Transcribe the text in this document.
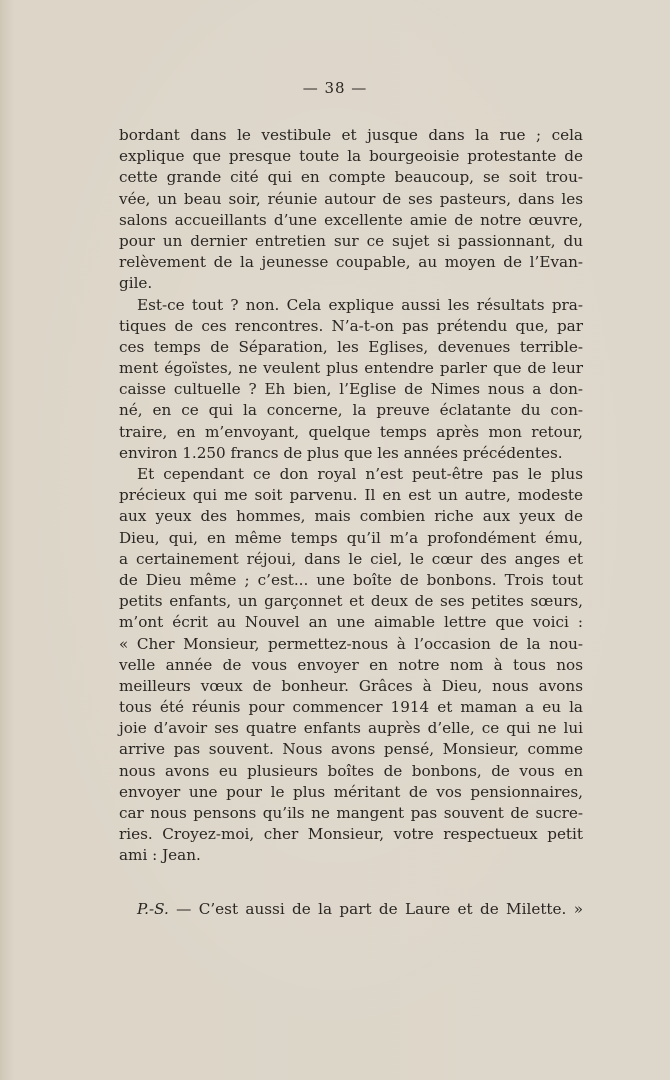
— 38 —
bordant dans le vestibule et jusque dans la rue ; cela
explique que presque toute la bourgeoisie protestante de
cette grande cité qui en compte beaucoup, se soit trou-
vée, un beau soir, réunie autour de ses pasteurs, dans les
salons accueillants d’une excellente amie de notre œuvre,
pour un dernier entretien sur ce sujet si passionnant, du
relèvement de la jeunesse coupable, au moyen de l’Evan-
gile.
Est-ce tout ? non. Cela explique aussi les résultats pra-
tiques de ces rencontres. N’a-t-on pas prétendu que, par
ces temps de Séparation, les Eglises, devenues terrible-
ment égoïstes, ne veulent plus entendre parler que de leur
caisse cultuelle ? Eh bien, l’Eglise de Nimes nous a don-
né, en ce qui la concerne, la preuve éclatante du con-
traire, en m’envoyant, quelque temps après mon retour,
environ 1.250 francs de plus que les années précédentes.
Et cependant ce don royal n’est peut-être pas le plus
précieux qui me soit parvenu. Il en est un autre, modeste
aux yeux des hommes, mais combien riche aux yeux de
Dieu, qui, en même temps qu’il m’a profondément ému,
a certainement réjoui, dans le ciel, le cœur des anges et
de Dieu même ; c’est... une boîte de bonbons. Trois tout
petits enfants, un garçonnet et deux de ses petites sœurs,
m’ont écrit au Nouvel an une aimable lettre que voici :
« Cher Monsieur, permettez-nous à l’occasion de la nou-
velle année de vous envoyer en notre nom à tous nos
meilleurs vœux de bonheur. Grâces à Dieu, nous avons
tous été réunis pour commencer 1914 et maman a eu la
joie d’avoir ses quatre enfants auprès d’elle, ce qui ne lui
arrive pas souvent. Nous avons pensé, Monsieur, comme
nous avons eu plusieurs boîtes de bonbons, de vous en
envoyer une pour le plus méritant de vos pensionnaires,
car nous pensons qu’ils ne mangent pas souvent de sucre-
ries. Croyez-moi, cher Monsieur, votre respectueux petit
ami : Jean.
P.-S. — C’est aussi de la part de Laure et de Milette. »
